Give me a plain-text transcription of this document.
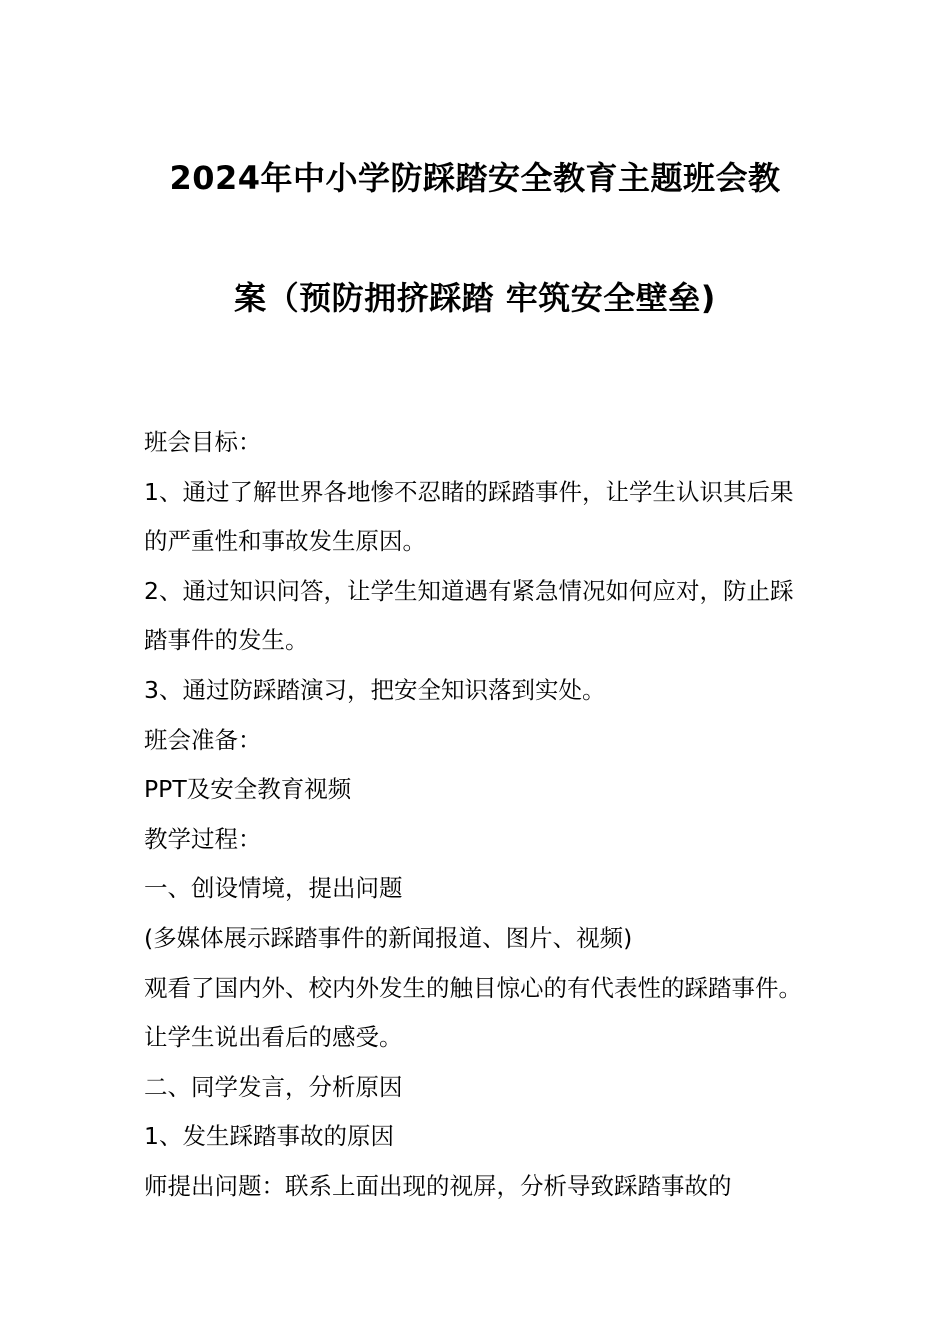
2024年中小学防踩踏安全教育主题班会教
案（预防拥挤踩踏 牢筑安全壁垒)

班会目标：

1、通过了解世界各地惨不忍睹的踩踏事件，让学生认识其后果的严重性和事故发生原因。

2、通过知识问答，让学生知道遇有紧急情况如何应对，防止踩踏事件的发生。

3、通过防踩踏演习，把安全知识落到实处。

班会准备：

PPT及安全教育视频

教学过程：

一、创设情境，提出问题

(多媒体展示踩踏事件的新闻报道、图片、视频)

观看了国内外、校内外发生的触目惊心的有代表性的踩踏事件。让学生说出看后的感受。

二、同学发言，分析原因

1、发生踩踏事故的原因

师提出问题：联系上面出现的视屏，分析导致踩踏事故的
